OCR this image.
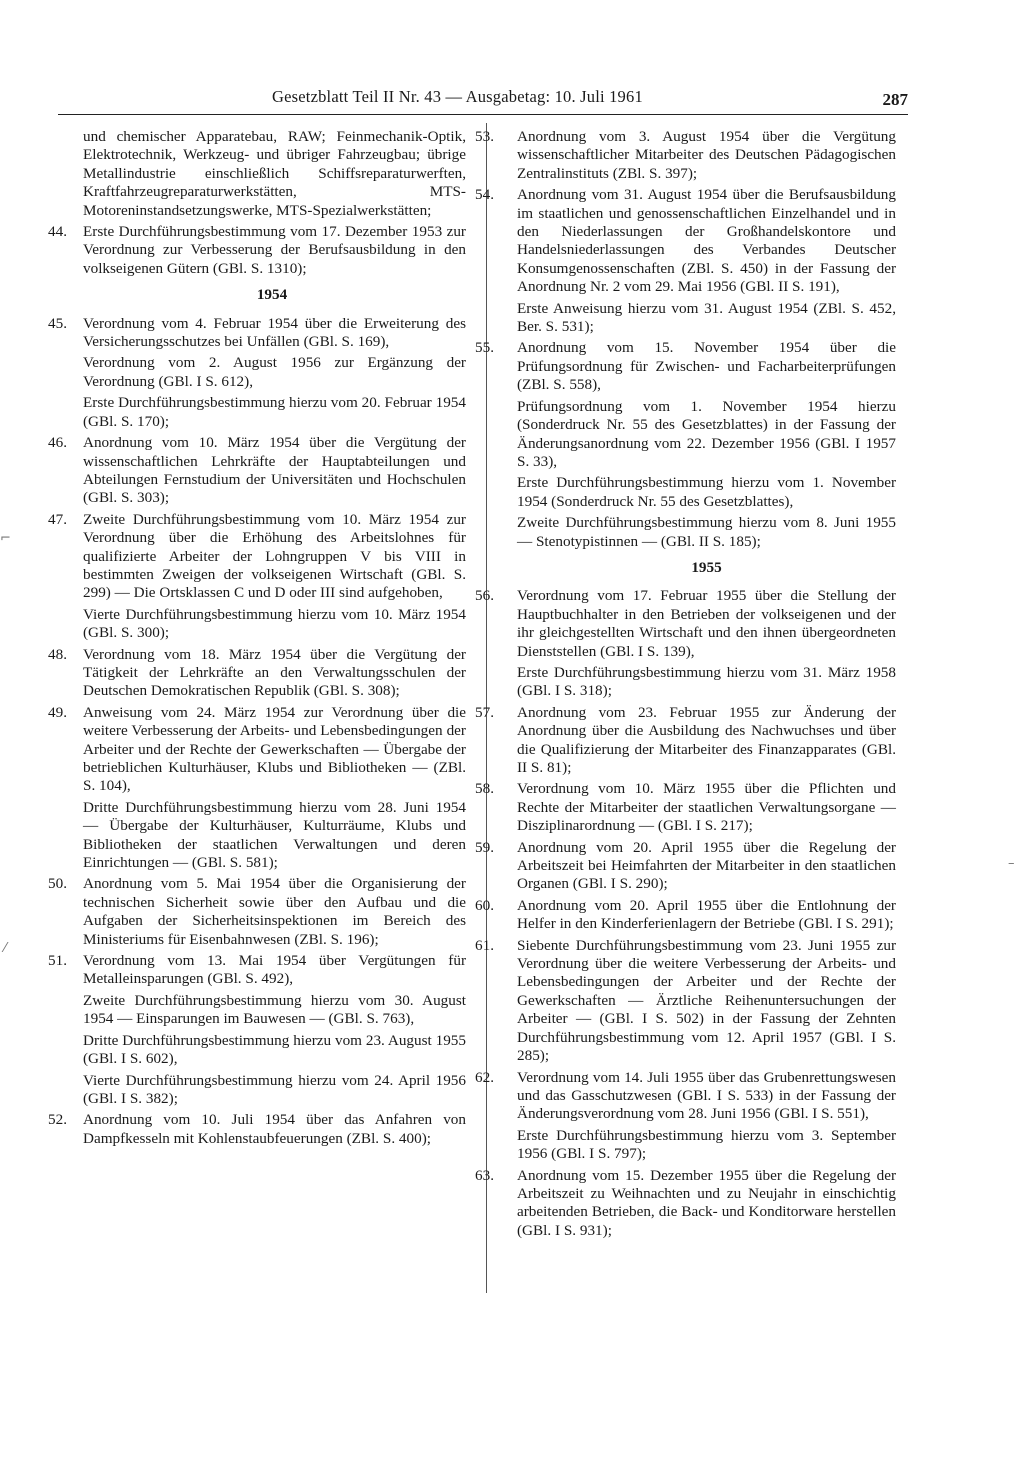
Gesetzblatt Teil II Nr. 43 — Ausgabetag: 10. Juli 1961	287
und chemischer Apparatebau, RAW; Feinmechanik-Optik, Elektrotechnik, Werkzeug- und übriger Fahrzeugbau; übrige Metallindustrie einschließlich Schiffsreparaturwerften, Kraftfahrzeugreparaturwerkstätten, MTS-Motoreninstandsetzungswerke, MTS-Spezialwerkstätten;
44. Erste Durchführungsbestimmung vom 17. Dezember 1953 zur Verordnung zur Verbesserung der Berufsausbildung in den volkseigenen Gütern (GBl. S. 1310);
1954
45. Verordnung vom 4. Februar 1954 über die Erweiterung des Versicherungsschutzes bei Unfällen (GBl. S. 169),
Verordnung vom 2. August 1956 zur Ergänzung der Verordnung (GBl. I S. 612),
Erste Durchführungsbestimmung hierzu vom 20. Februar 1954 (GBl. S. 170);
46. Anordnung vom 10. März 1954 über die Vergütung der wissenschaftlichen Lehrkräfte der Hauptabteilungen und Abteilungen Fernstudium der Universitäten und Hochschulen (GBl. S. 303);
47. Zweite Durchführungsbestimmung vom 10. März 1954 zur Verordnung über die Erhöhung des Arbeitslohnes für qualifizierte Arbeiter der Lohngruppen V bis VIII in bestimmten Zweigen der volkseigenen Wirtschaft (GBl. S. 299) — Die Ortsklassen C und D oder III sind aufgehoben,
Vierte Durchführungsbestimmung hierzu vom 10. März 1954 (GBl. S. 300);
48. Verordnung vom 18. März 1954 über die Vergütung der Tätigkeit der Lehrkräfte an den Verwaltungsschulen der Deutschen Demokratischen Republik (GBl. S. 308);
49. Anweisung vom 24. März 1954 zur Verordnung über die weitere Verbesserung der Arbeits- und Lebensbedingungen der Arbeiter und der Rechte der Gewerkschaften — Übergabe der betrieblichen Kulturhäuser, Klubs und Bibliotheken — (ZBl. S. 104),
Dritte Durchführungsbestimmung hierzu vom 28. Juni 1954 — Übergabe der Kulturhäuser, Kulturräume, Klubs und Bibliotheken der staatlichen Verwaltungen und deren Einrichtungen — (GBl. S. 581);
50. Anordnung vom 5. Mai 1954 über die Organisierung der technischen Sicherheit sowie über den Aufbau und die Aufgaben der Sicherheitsinspektionen im Bereich des Ministeriums für Eisenbahnwesen (ZBl. S. 196);
51. Verordnung vom 13. Mai 1954 über Vergütungen für Metalleinsparungen (GBl. S. 492),
Zweite Durchführungsbestimmung hierzu vom 30. August 1954 — Einsparungen im Bauwesen — (GBl. S. 763),
Dritte Durchführungsbestimmung hierzu vom 23. August 1955 (GBl. I S. 602),
Vierte Durchführungsbestimmung hierzu vom 24. April 1956 (GBl. I S. 382);
52. Anordnung vom 10. Juli 1954 über das Anfahren von Dampfkesseln mit Kohlenstaubfeuerungen (ZBl. S. 400);
53. Anordnung vom 3. August 1954 über die Vergütung wissenschaftlicher Mitarbeiter des Deutschen Pädagogischen Zentralinstituts (ZBl. S. 397);
54. Anordnung vom 31. August 1954 über die Berufsausbildung im staatlichen und genossenschaftlichen Einzelhandel und in den Niederlassungen der Großhandelskontore und Handelsniederlassungen des Verbandes Deutscher Konsumgenossenschaften (ZBl. S. 450) in der Fassung der Anordnung Nr. 2 vom 29. Mai 1956 (GBl. II S. 191),
Erste Anweisung hierzu vom 31. August 1954 (ZBl. S. 452, Ber. S. 531);
55. Anordnung vom 15. November 1954 über die Prüfungsordnung für Zwischen- und Facharbeiterprüfungen (ZBl. S. 558),
Prüfungsordnung vom 1. November 1954 hierzu (Sonderdruck Nr. 55 des Gesetzblattes) in der Fassung der Änderungsanordnung vom 22. Dezember 1956 (GBl. I 1957 S. 33),
Erste Durchführungsbestimmung hierzu vom 1. November 1954 (Sonderdruck Nr. 55 des Gesetzblattes),
Zweite Durchführungsbestimmung hierzu vom 8. Juni 1955 — Stenotypistinnen — (GBl. II S. 185);
1955
56. Verordnung vom 17. Februar 1955 über die Stellung der Hauptbuchhalter in den Betrieben der volkseigenen und der ihr gleichgestellten Wirtschaft und den ihnen übergeordneten Dienststellen (GBl. I S. 139),
Erste Durchführungsbestimmung hierzu vom 31. März 1958 (GBl. I S. 318);
57. Anordnung vom 23. Februar 1955 zur Änderung der Anordnung über die Ausbildung des Nachwuchses und über die Qualifizierung der Mitarbeiter des Finanzapparates (GBl. II S. 81);
58. Verordnung vom 10. März 1955 über die Pflichten und Rechte der Mitarbeiter der staatlichen Verwaltungsorgane — Disziplinarordnung — (GBl. I S. 217);
59. Anordnung vom 20. April 1955 über die Regelung der Arbeitszeit bei Heimfahrten der Mitarbeiter in den staatlichen Organen (GBl. I S. 290);
60. Anordnung vom 20. April 1955 über die Entlohnung der Helfer in den Kinderferienlagern der Betriebe (GBl. I S. 291);
61. Siebente Durchführungsbestimmung vom 23. Juni 1955 zur Verordnung über die weitere Verbesserung der Arbeits- und Lebensbedingungen der Arbeiter und der Rechte der Gewerkschaften — Ärztliche Reihenuntersuchungen der Arbeiter — (GBl. I S. 502) in der Fassung der Zehnten Durchführungsbestimmung vom 12. April 1957 (GBl. I S. 285);
62. Verordnung vom 14. Juli 1955 über das Grubenrettungswesen und das Gasschutzwesen (GBl. I S. 533) in der Fassung der Änderungsverordnung vom 28. Juni 1956 (GBl. I S. 551),
Erste Durchführungsbestimmung hierzu vom 3. September 1956 (GBl. I S. 797);
63. Anordnung vom 15. Dezember 1955 über die Regelung der Arbeitszeit zu Weihnachten und zu Neujahr in einschichtig arbeitenden Betrieben, die Back- und Konditorware herstellen (GBl. I S. 931);
⌐
⁄
–
